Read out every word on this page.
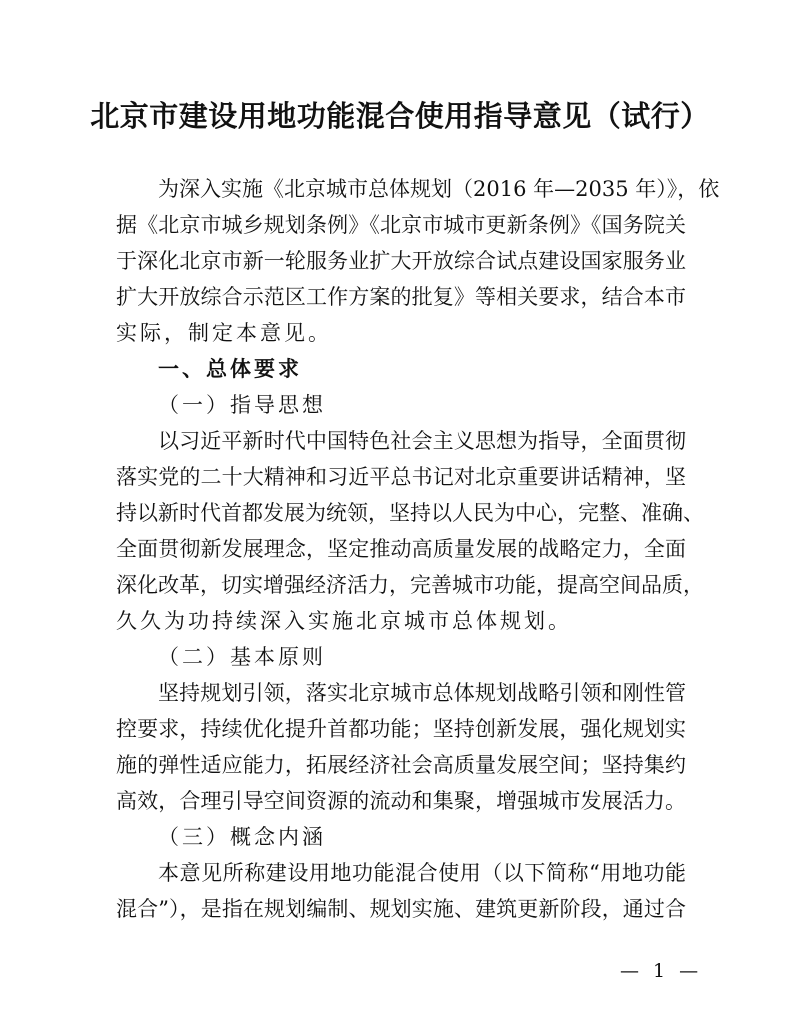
北京市建设用地功能混合使用指导意见（试行）
为深入实施《北京城市总体规划（2016 年—2035 年）》，依
据《北京市城乡规划条例》《北京市城市更新条例》《国务院关
于深化北京市新一轮服务业扩大开放综合试点建设国家服务业
扩大开放综合示范区工作方案的批复》等相关要求，结合本市
实际，制定本意见。
一、总体要求
（一）指导思想
以习近平新时代中国特色社会主义思想为指导，全面贯彻
落实党的二十大精神和习近平总书记对北京重要讲话精神，坚
持以新时代首都发展为统领，坚持以人民为中心，完整、准确、
全面贯彻新发展理念，坚定推动高质量发展的战略定力，全面
深化改革，切实增强经济活力，完善城市功能，提高空间品质，
久久为功持续深入实施北京城市总体规划。
（二）基本原则
坚持规划引领，落实北京城市总体规划战略引领和刚性管
控要求，持续优化提升首都功能；坚持创新发展，强化规划实
施的弹性适应能力，拓展经济社会高质量发展空间；坚持集约
高效，合理引导空间资源的流动和集聚，增强城市发展活力。
（三）概念内涵
本意见所称建设用地功能混合使用（以下简称“用地功能
混合”），是指在规划编制、规划实施、建筑更新阶段，通过合
— 1 —
